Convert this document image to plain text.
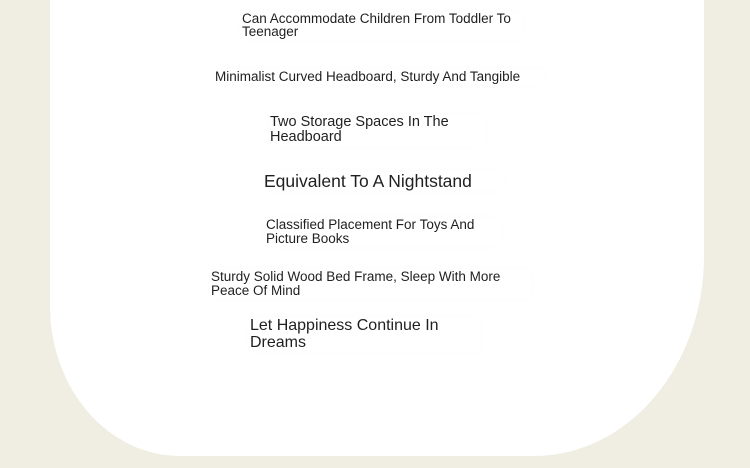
Can Accommodate Children From Toddler To Teenager

Minimalist Curved Headboard, Sturdy And Tangible

Two Storage Spaces In The Headboard

Equivalent To A Nightstand

Classified Placement For Toys And Picture Books

Sturdy Solid Wood Bed Frame, Sleep With More Peace Of Mind

Let Happiness Continue In Dreams
